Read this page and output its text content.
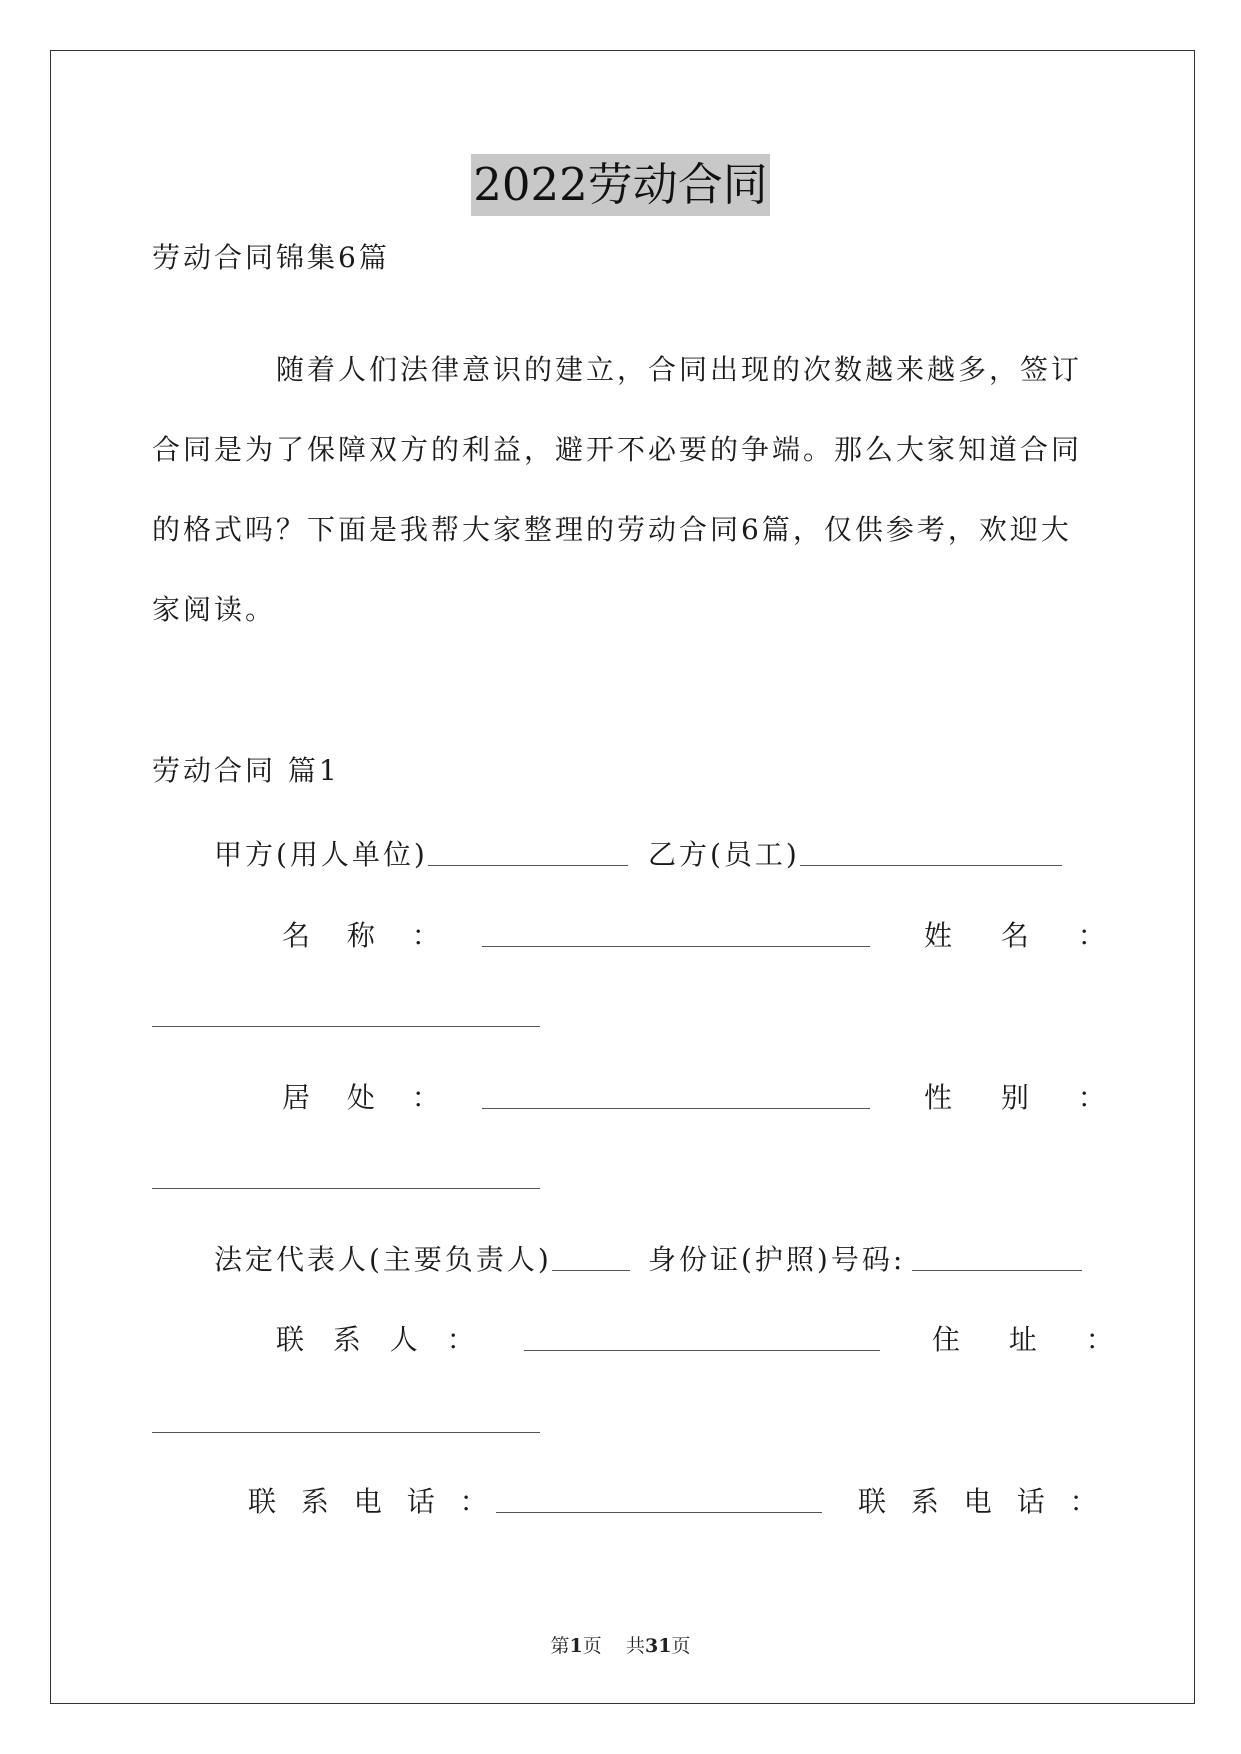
2022劳动合同
劳动合同锦集6篇
随着人们法律意识的建立，合同出现的次数越来越多，签订
合同是为了保障双方的利益，避开不必要的争端。那么大家知道合同
的格式吗？下面是我帮大家整理的劳动合同6篇，仅供参考，欢迎大
家阅读。
劳动合同 篇1
甲方(用人单位)	乙方(员工)
名 称 ：	姓 名 ：
居 处 ：	性 别 ：
法定代表人(主要负责人)	身份证(护照)号码:
联 系 人 ：	住 址 ：
联 系 电 话 ：	联 系 电 话 ：
第1页 共31页
